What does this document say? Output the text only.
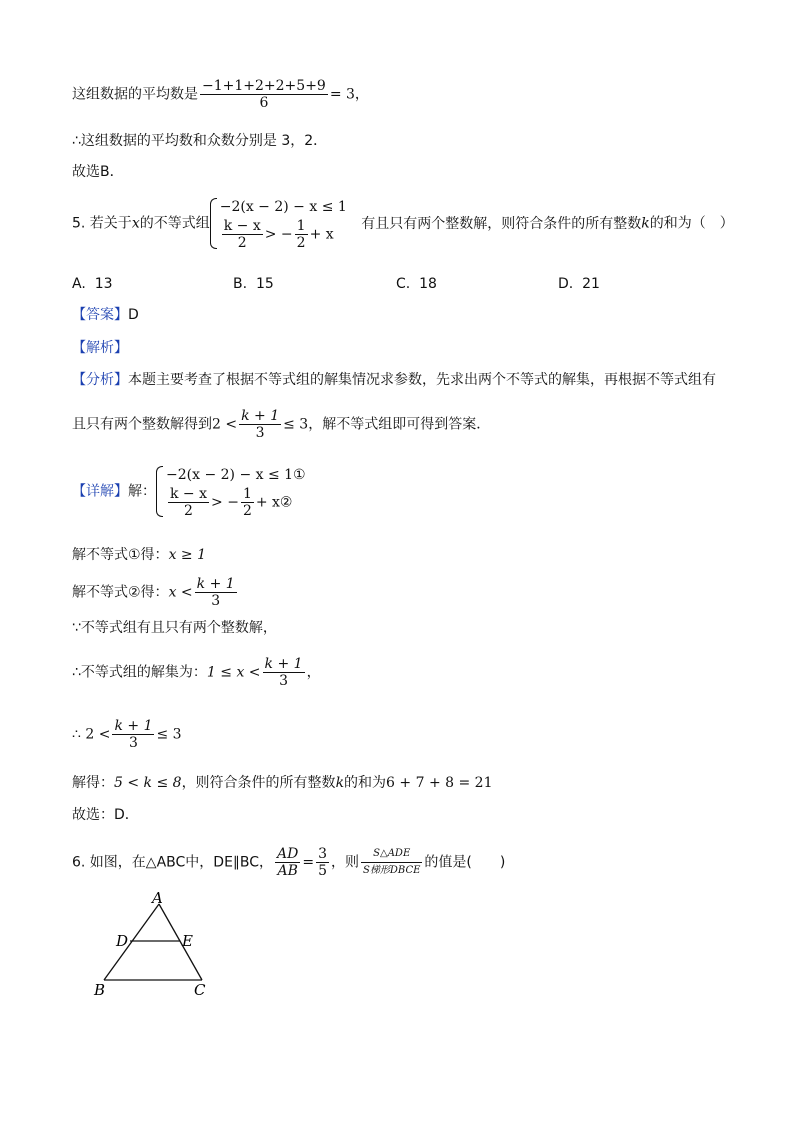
这组数据的平均数是 $\frac{-1+1+2+2+5+9}{6} = 3$，
∴这组数据的平均数和众数分别是 3，2．
故选B．
5. 若关于x的不等式组
−2(x − 2) − x ≤ 1
$\frac{k - x}{2}$ > − $\frac{1}{2} + x$
有且只有两个整数解，则符合条件的所有整数k的和为（　）
A. 13	B. 15	C. 18	D. 21
【答案】D
【解析】
【分析】本题主要考查了根据不等式组的解集情况求参数，先求出两个不等式的解集，再根据不等式组有
且只有两个整数解得到$2 < \frac{k + 1}{3} \le 3$，解不等式组即可得到答案．
【详解】解：
−2(x − 2) − x ≤ 1①
$\frac{k - x}{2}$ > − $\frac{1}{2}$ + x②
解不等式①得：x ≥ 1
解不等式②得：$x < \frac{k + 1}{3}$
∵不等式组有且只有两个整数解，
∴不等式组的解集为：$1 \le x < \frac{k + 1}{3}$ ，
∴ $2 < \frac{k + 1}{3} \le 3$
解得：5 < k ≤ 8，则符合条件的所有整数k的和为6 + 7 + 8 = 21
故选：D．
6. 如图，在△ABC中，DE∥BC， $\frac{AD}{AB} = \frac{3}{5}$ ，则 $\frac{\text{S△ADE}}{\text{S梯形DBCE}}$ 的值是(　　)
A
D	E
B	C
